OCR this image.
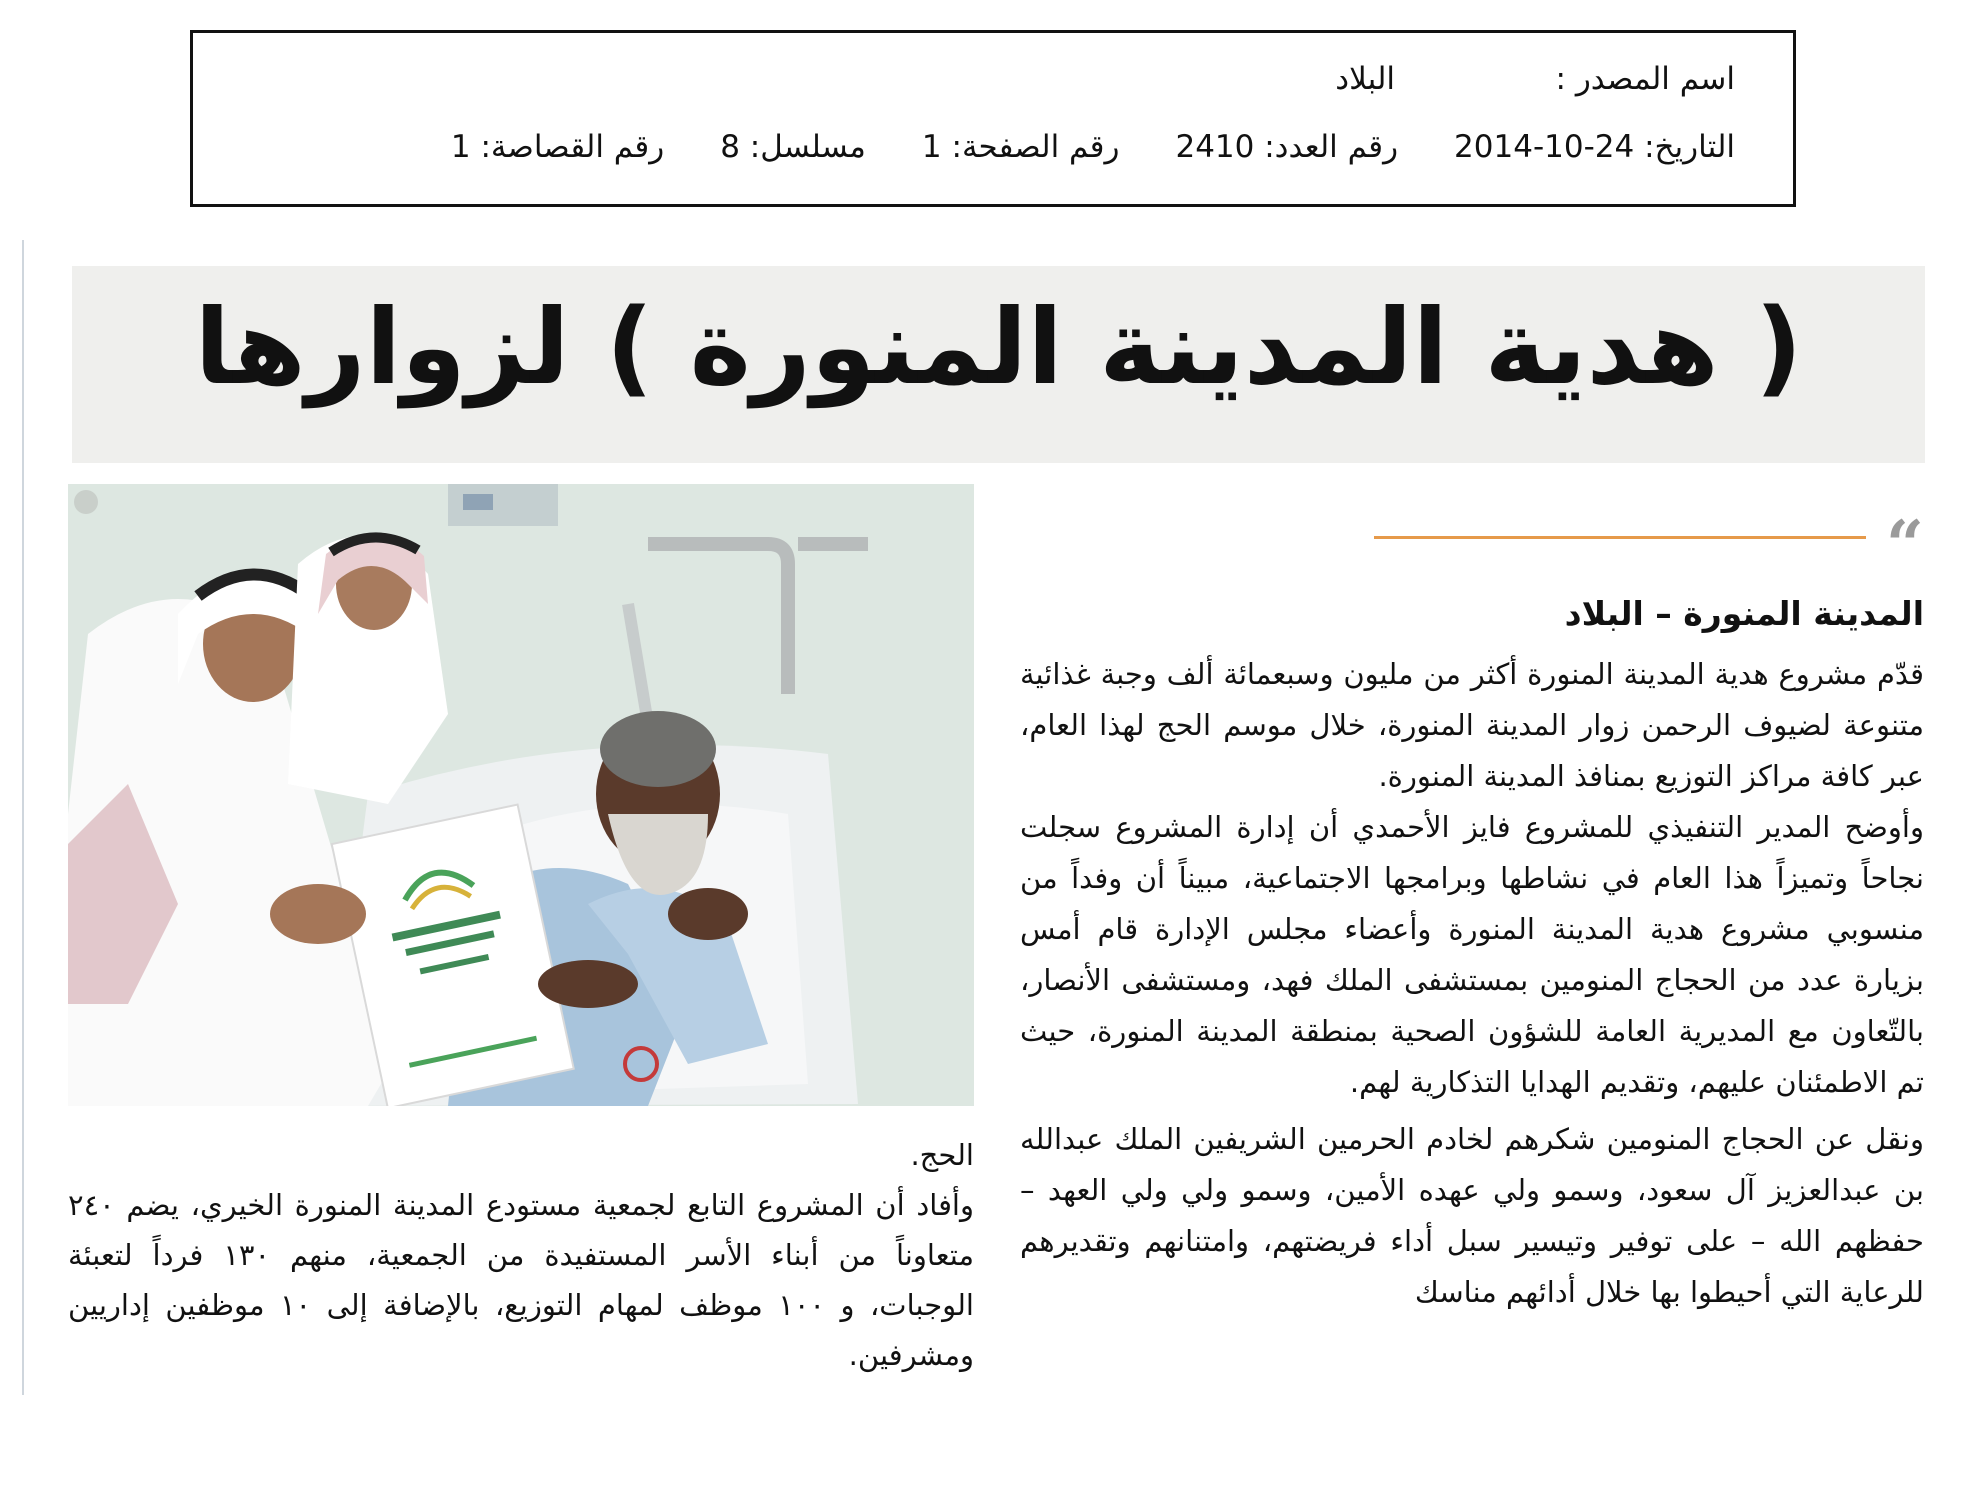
اسم المصدر :
البلاد
التاريخ: 24-10-2014
رقم العدد: 2410
رقم الصفحة: 1
مسلسل: 8
رقم القصاصة: 1
( هدية المدينة المنورة ) لزوارها
“
المدينة المنورة – البلاد

قدّم مشروع هدية المدينة المنورة أكثر من مليون وسبعمائة ألف وجبة غذائية متنوعة لضيوف الرحمن زوار المدينة المنورة، خلال موسم الحج لهذا العام، عبر كافة مراكز التوزيع بمنافذ المدينة المنورة.

وأوضح المدير التنفيذي للمشروع فايز الأحمدي أن إدارة المشروع سجلت نجاحاً وتميزاً هذا العام في نشاطها وبرامجها الاجتماعية، مبيناً أن وفداً من منسوبي مشروع هدية المدينة المنورة وأعضاء مجلس الإدارة قام أمس بزيارة عدد من الحجاج المنومين بمستشفى الملك فهد، ومستشفى الأنصار، بالتّعاون مع المديرية العامة للشؤون الصحية بمنطقة المدينة المنورة، حيث تم الاطمئنان عليهم، وتقديم الهدايا التذكارية لهم.

ونقل عن الحجاج المنومين شكرهم لخادم الحرمين الشريفين الملك عبدالله بن عبدالعزيز آل سعود، وسمو ولي عهده الأمين، وسمو ولي ولي العهد – حفظهم الله – على توفير وتيسير سبل أداء فريضتهم، وامتنانهم وتقديرهم للرعاية التي أحيطوا بها خلال أدائهم مناسك

الحج.

وأفاد أن المشروع التابع لجمعية مستودع المدينة المنورة الخيري، يضم ٢٤٠ متعاوناً من أبناء الأسر المستفيدة من الجمعية، منهم ١٣٠ فرداً لتعبئة الوجبات، و ١٠٠ موظف لمهام التوزيع، بالإضافة إلى ١٠ موظفين إداريين ومشرفين.
